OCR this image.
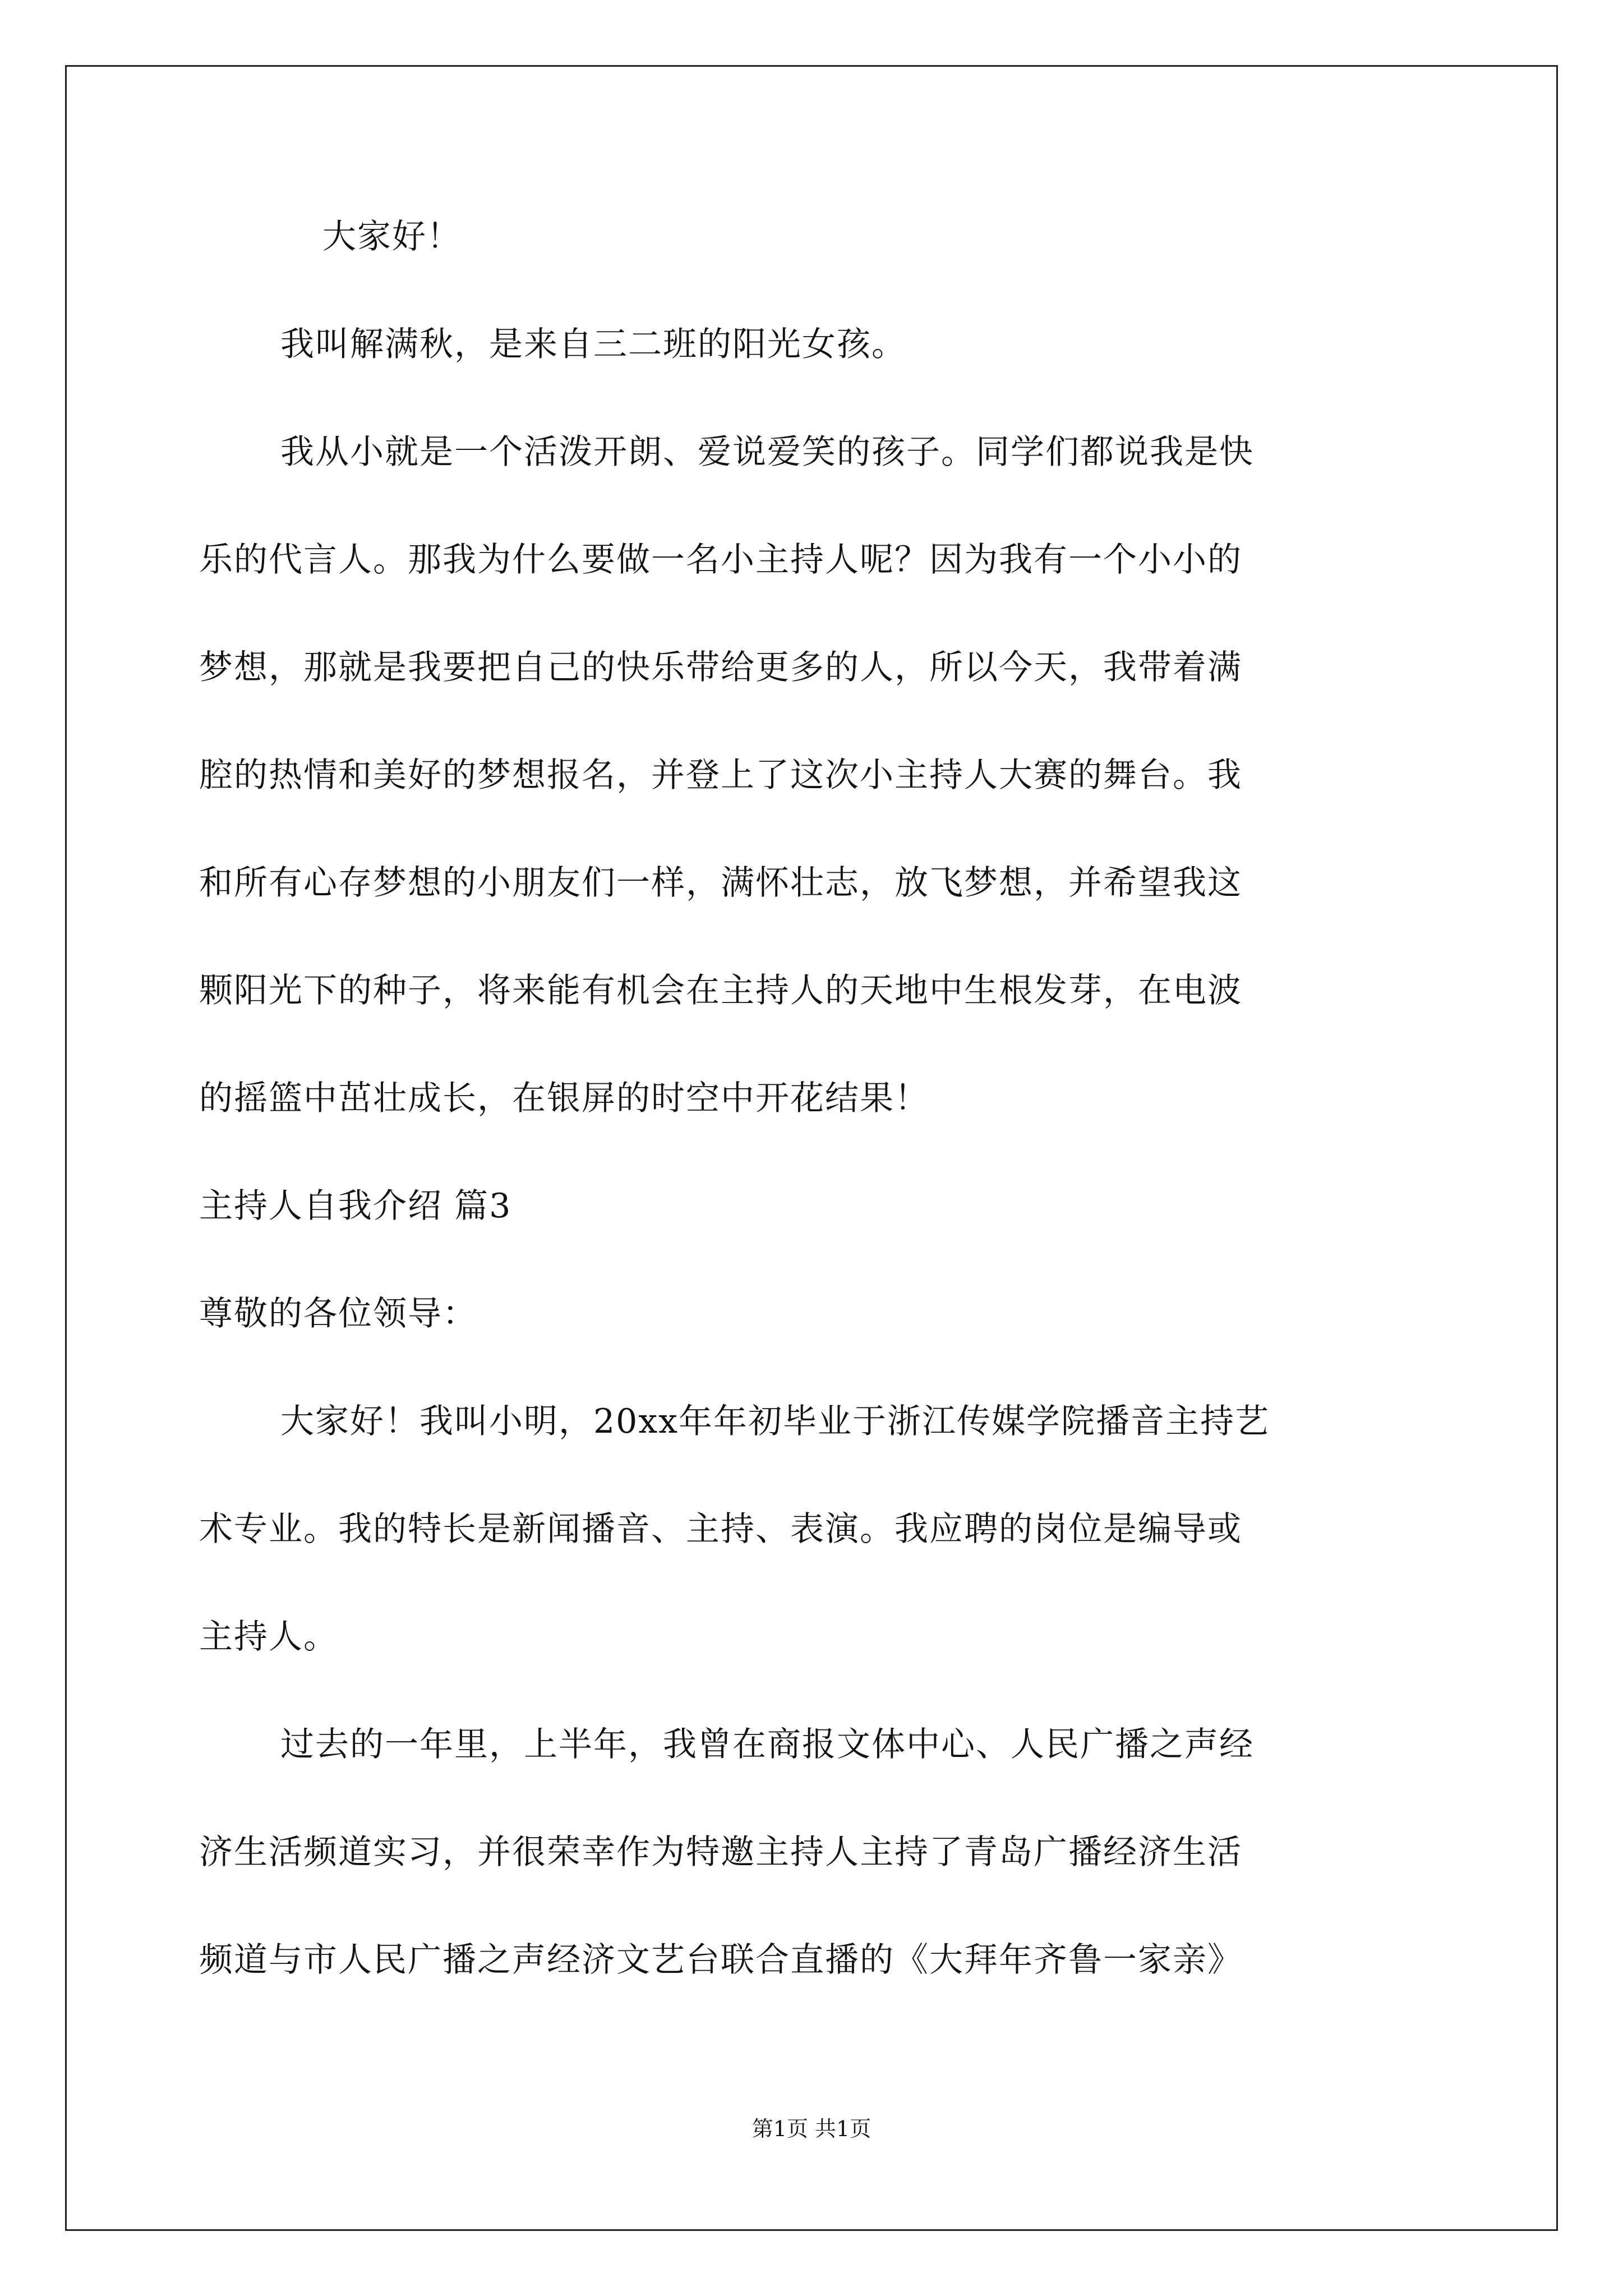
大家好！
我叫解满秋，是来自三二班的阳光女孩。
我从小就是一个活泼开朗、爱说爱笑的孩子。同学们都说我是快
乐的代言人。那我为什么要做一名小主持人呢？因为我有一个小小的
梦想，那就是我要把自己的快乐带给更多的人，所以今天，我带着满
腔的热情和美好的梦想报名，并登上了这次小主持人大赛的舞台。我
和所有心存梦想的小朋友们一样，满怀壮志，放飞梦想，并希望我这
颗阳光下的种子，将来能有机会在主持人的天地中生根发芽，在电波
的摇篮中茁壮成长，在银屏的时空中开花结果！
主持人自我介绍 篇3
尊敬的各位领导：
大家好！我叫小明，20xx年年初毕业于浙江传媒学院播音主持艺
术专业。我的特长是新闻播音、主持、表演。我应聘的岗位是编导或
主持人。
过去的一年里，上半年，我曾在商报文体中心、人民广播之声经
济生活频道实习，并很荣幸作为特邀主持人主持了青岛广播经济生活
频道与市人民广播之声经济文艺台联合直播的《大拜年齐鲁一家亲》
第1页 共1页
